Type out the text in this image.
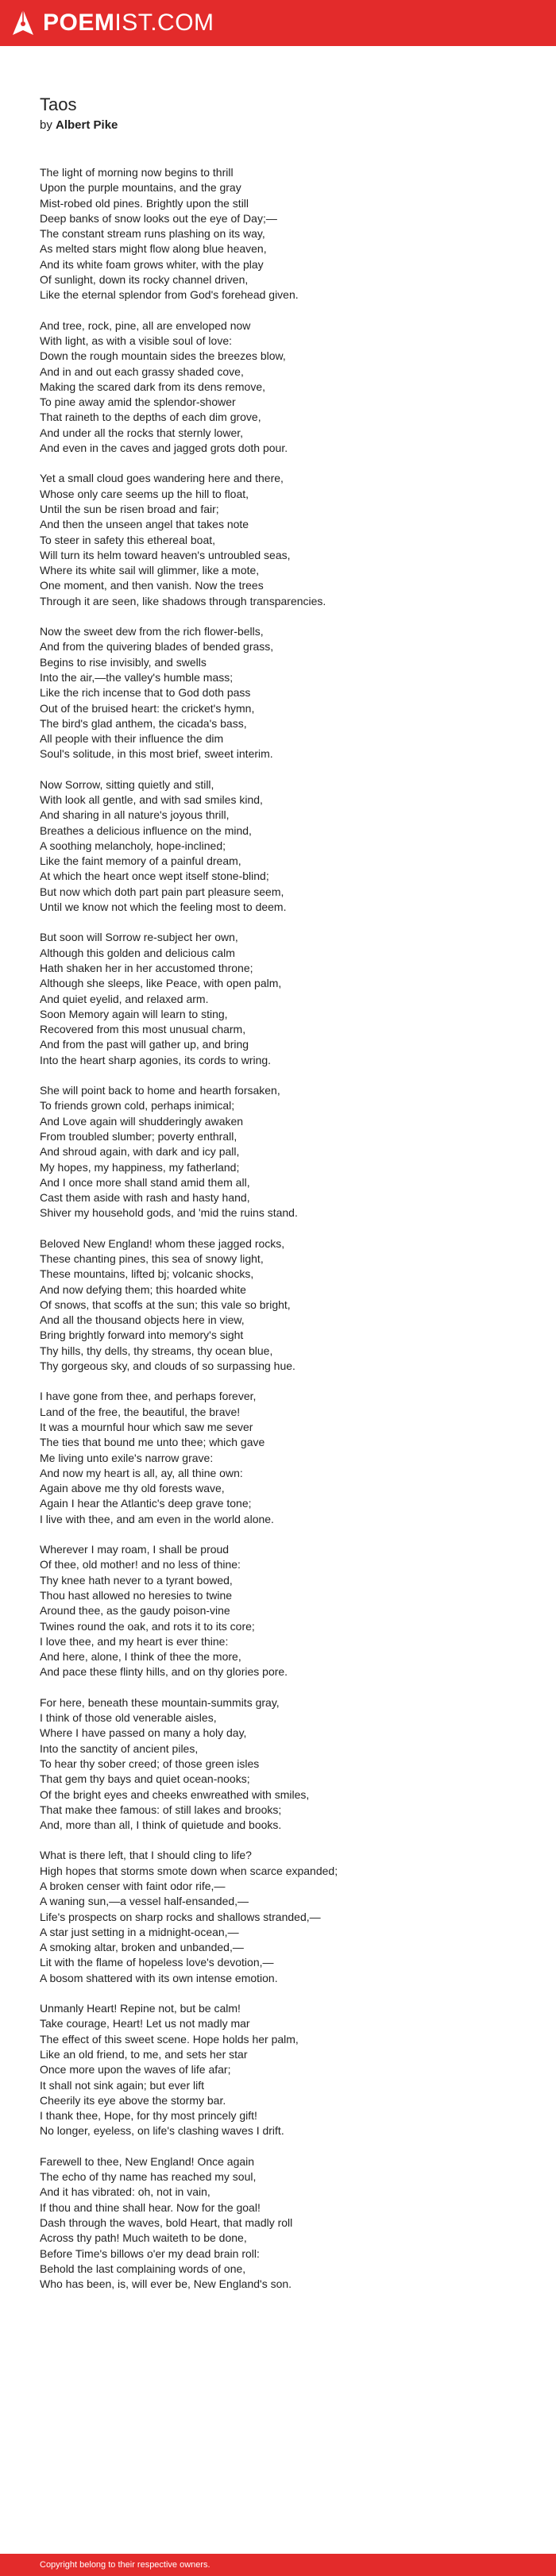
POEMIST.COM
Taos
by Albert Pike
The light of morning now begins to thrill
Upon the purple mountains, and the gray
Mist-robed old pines. Brightly upon the still
Deep banks of snow looks out the eye of Day;—
The constant stream runs plashing on its way,
As melted stars might flow along blue heaven,
And its white foam grows whiter, with the play
Of sunlight, down its rocky channel driven,
Like the eternal splendor from God's forehead given.
And tree, rock, pine, all are enveloped now
With light, as with a visible soul of love:
Down the rough mountain sides the breezes blow,
And in and out each grassy shaded cove,
Making the scared dark from its dens remove,
To pine away amid the splendor-shower
That raineth to the depths of each dim grove,
And under all the rocks that sternly lower,
And even in the caves and jagged grots doth pour.
Yet a small cloud goes wandering here and there,
Whose only care seems up the hill to float,
Until the sun be risen broad and fair;
And then the unseen angel that takes note
To steer in safety this ethereal boat,
Will turn its helm toward heaven's untroubled seas,
Where its white sail will glimmer, like a mote,
One moment, and then vanish. Now the trees
Through it are seen, like shadows through transparencies.
Now the sweet dew from the rich flower-bells,
And from the quivering blades of bended grass,
Begins to rise invisibly, and swells
Into the air,—the valley's humble mass;
Like the rich incense that to God doth pass
Out of the bruised heart: the cricket's hymn,
The bird's glad anthem, the cicada's bass,
All people with their influence the dim
Soul's solitude, in this most brief, sweet interim.
Now Sorrow, sitting quietly and still,
With look all gentle, and with sad smiles kind,
And sharing in all nature's joyous thrill,
Breathes a delicious influence on the mind,
A soothing melancholy, hope-inclined;
Like the faint memory of a painful dream,
At which the heart once wept itself stone-blind;
But now which doth part pain part pleasure seem,
Until we know not which the feeling most to deem.
But soon will Sorrow re-subject her own,
Although this golden and delicious calm
Hath shaken her in her accustomed throne;
Although she sleeps, like Peace, with open palm,
And quiet eyelid, and relaxed arm.
Soon Memory again will learn to sting,
Recovered from this most unusual charm,
And from the past will gather up, and bring
Into the heart sharp agonies, its cords to wring.
She will point back to home and hearth forsaken,
To friends grown cold, perhaps inimical;
And Love again will shudderingly awaken
From troubled slumber; poverty enthrall,
And shroud again, with dark and icy pall,
My hopes, my happiness, my fatherland;
And I once more shall stand amid them all,
Cast them aside with rash and hasty hand,
Shiver my household gods, and 'mid the ruins stand.
Beloved New England! whom these jagged rocks,
These chanting pines, this sea of snowy light,
These mountains, lifted bj; volcanic shocks,
And now defying them; this hoarded white
Of snows, that scoffs at the sun; this vale so bright,
And all the thousand objects here in view,
Bring brightly forward into memory's sight
Thy hills, thy dells, thy streams, thy ocean blue,
Thy gorgeous sky, and clouds of so surpassing hue.
I have gone from thee, and perhaps forever,
Land of the free, the beautiful, the brave!
It was a mournful hour which saw me sever
The ties that bound me unto thee; which gave
Me living unto exile's narrow grave:
And now my heart is all, ay, all thine own:
Again above me thy old forests wave,
Again I hear the Atlantic's deep grave tone;
I live with thee, and am even in the world alone.
Wherever I may roam, I shall be proud
Of thee, old mother! and no less of thine:
Thy knee hath never to a tyrant bowed,
Thou hast allowed no heresies to twine
Around thee, as the gaudy poison-vine
Twines round the oak, and rots it to its core;
I love thee, and my heart is ever thine:
And here, alone, I think of thee the more,
And pace these flinty hills, and on thy glories pore.
For here, beneath these mountain-summits gray,
I think of those old venerable aisles,
Where I have passed on many a holy day,
Into the sanctity of ancient piles,
To hear thy sober creed; of those green isles
That gem thy bays and quiet ocean-nooks;
Of the bright eyes and cheeks enwreathed with smiles,
That make thee famous: of still lakes and brooks;
And, more than all, I think of quietude and books.
What is there left, that I should cling to life?
High hopes that storms smote down when scarce expanded;
A broken censer with faint odor rife,—
A waning sun,—a vessel half-ensanded,—
Life's prospects on sharp rocks and shallows stranded,—
A star just setting in a midnight-ocean,—
A smoking altar, broken and unbanded,—
Lit with the flame of hopeless love's devotion,—
A bosom shattered with its own intense emotion.
Unmanly Heart! Repine not, but be calm!
Take courage, Heart! Let us not madly mar
The effect of this sweet scene. Hope holds her palm,
Like an old friend, to me, and sets her star
Once more upon the waves of life afar;
It shall not sink again; but ever lift
Cheerily its eye above the stormy bar.
I thank thee, Hope, for thy most princely gift!
No longer, eyeless, on life's clashing waves I drift.
Farewell to thee, New England! Once again
The echo of thy name has reached my soul,
And it has vibrated: oh, not in vain,
If thou and thine shall hear. Now for the goal!
Dash through the waves, bold Heart, that madly roll
Across thy path! Much waiteth to be done,
Before Time's billows o'er my dead brain roll:
Behold the last complaining words of one,
Who has been, is, will ever be, New England's son.
Copyright belong to their respective owners.
